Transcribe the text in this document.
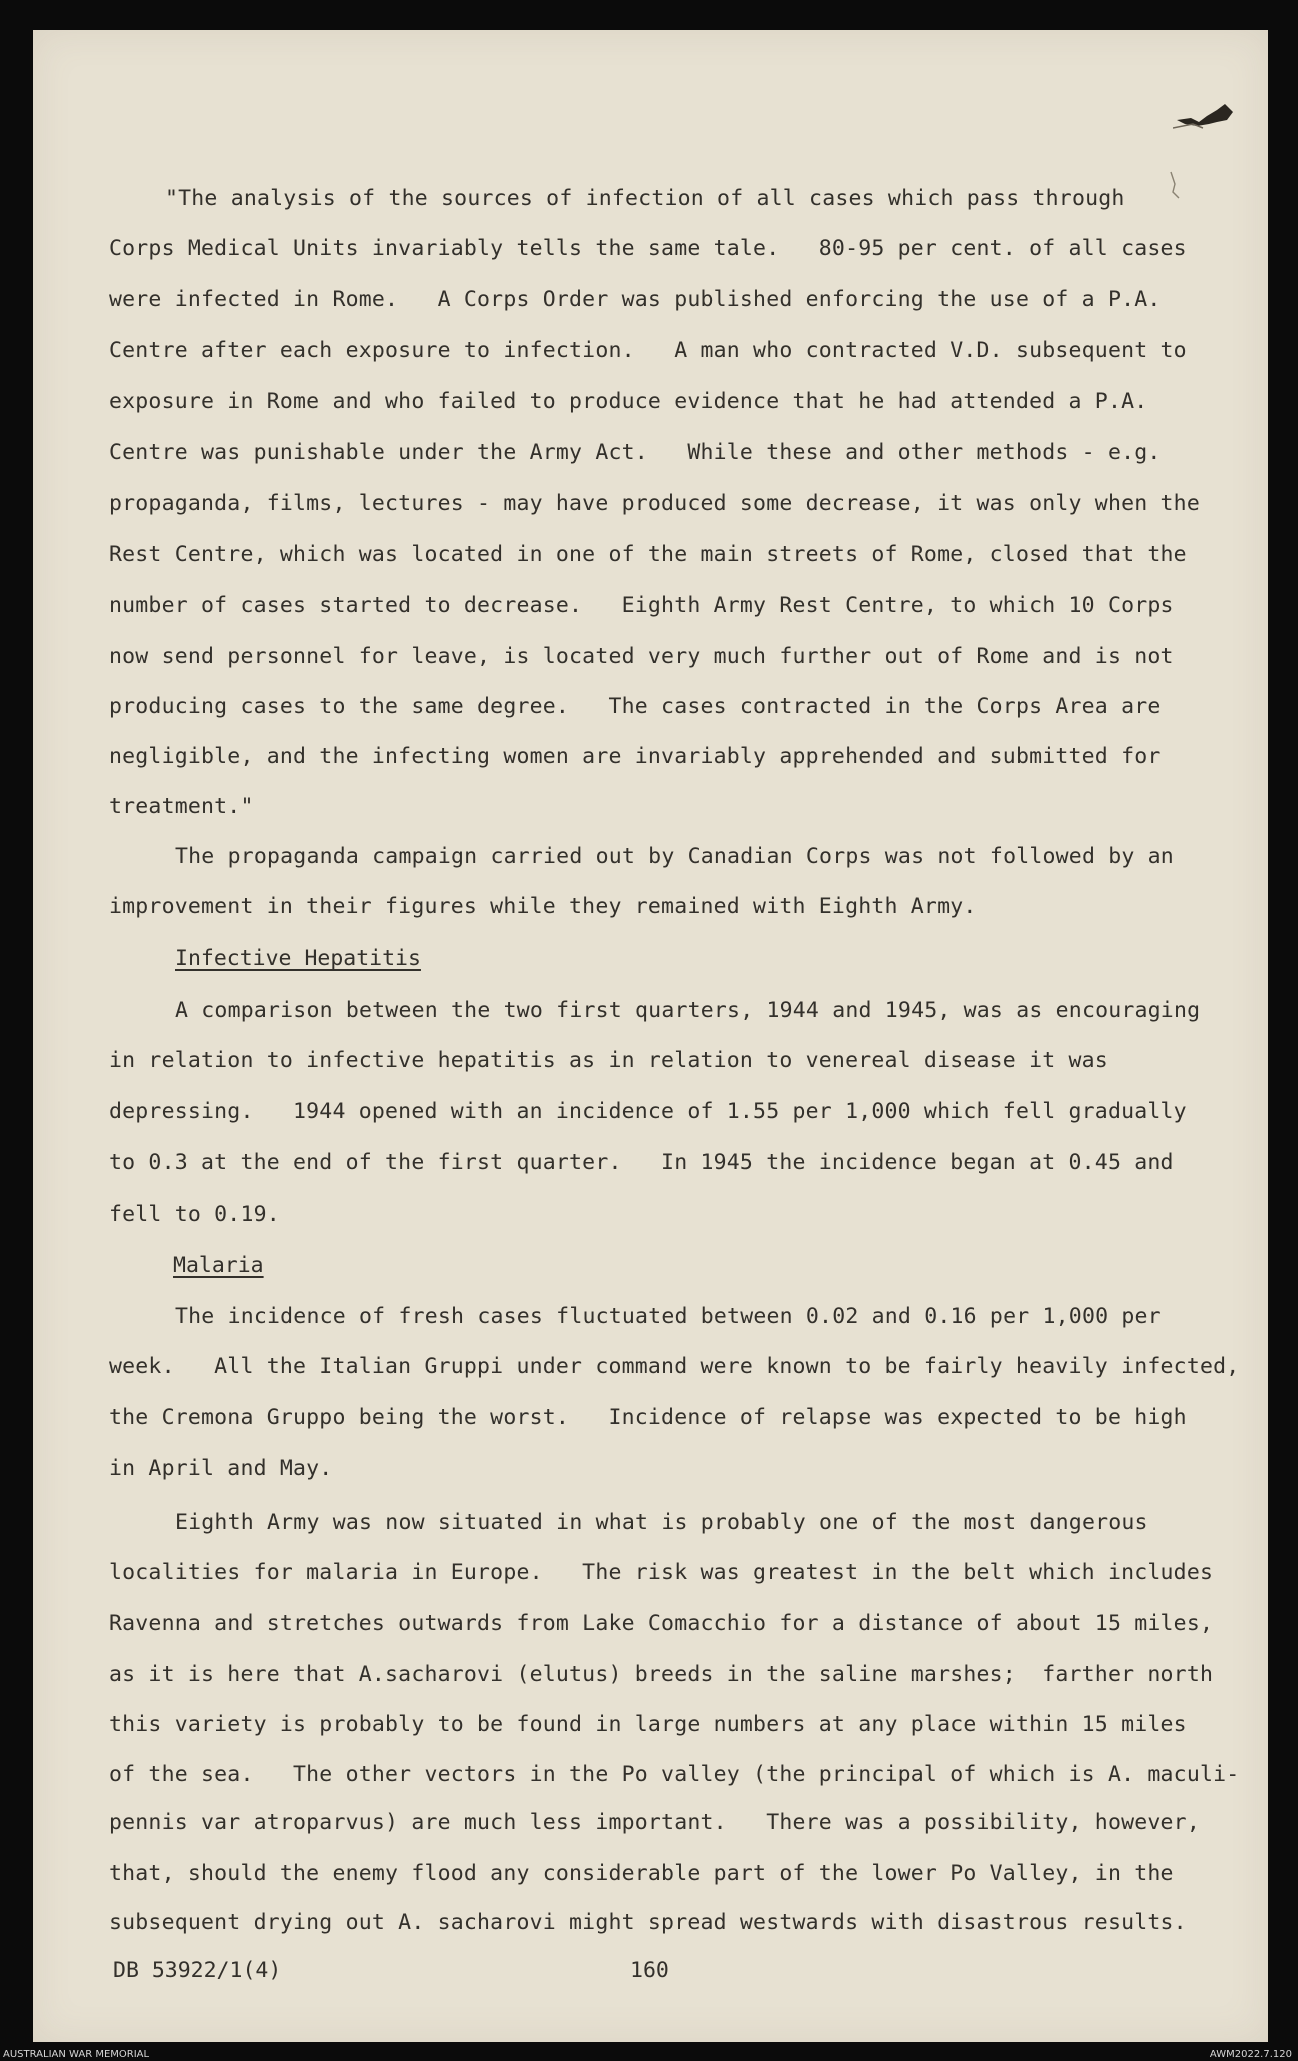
"The analysis of the sources of infection of all cases which pass through
Corps Medical Units invariably tells the same tale.   80-95 per cent. of all cases
were infected in Rome.   A Corps Order was published enforcing the use of a P.A.
Centre after each exposure to infection.   A man who contracted V.D. subsequent to
exposure in Rome and who failed to produce evidence that he had attended a P.A.
Centre was punishable under the Army Act.   While these and other methods - e.g.
propaganda, films, lectures - may have produced some decrease, it was only when the
Rest Centre, which was located in one of the main streets of Rome, closed that the
number of cases started to decrease.   Eighth Army Rest Centre, to which 10 Corps
now send personnel for leave, is located very much further out of Rome and is not
producing cases to the same degree.   The cases contracted in the Corps Area are
negligible, and the infecting women are invariably apprehended and submitted for
treatment."
The propaganda campaign carried out by Canadian Corps was not followed by an
improvement in their figures while they remained with Eighth Army.
Infective Hepatitis
A comparison between the two first quarters, 1944 and 1945, was as encouraging
in relation to infective hepatitis as in relation to venereal disease it was
depressing.   1944 opened with an incidence of 1.55 per 1,000 which fell gradually
to 0.3 at the end of the first quarter.   In 1945 the incidence began at 0.45 and
fell to 0.19.
Malaria
The incidence of fresh cases fluctuated between 0.02 and 0.16 per 1,000 per
week.   All the Italian Gruppi under command were known to be fairly heavily infected,
the Cremona Gruppo being the worst.   Incidence of relapse was expected to be high
in April and May.
Eighth Army was now situated in what is probably one of the most dangerous
localities for malaria in Europe.   The risk was greatest in the belt which includes
Ravenna and stretches outwards from Lake Comacchio for a distance of about 15 miles,
as it is here that A.sacharovi (elutus) breeds in the saline marshes;  farther north
this variety is probably to be found in large numbers at any place within 15 miles
of the sea.   The other vectors in the Po valley (the principal of which is A. maculi-
pennis var atroparvus) are much less important.   There was a possibility, however,
that, should the enemy flood any considerable part of the lower Po Valley, in the
subsequent drying out A. sacharovi might spread westwards with disastrous results.
DB 53922/1(4)	160
AUSTRALIAN WAR MEMORIAL	AWM2022.7.120
